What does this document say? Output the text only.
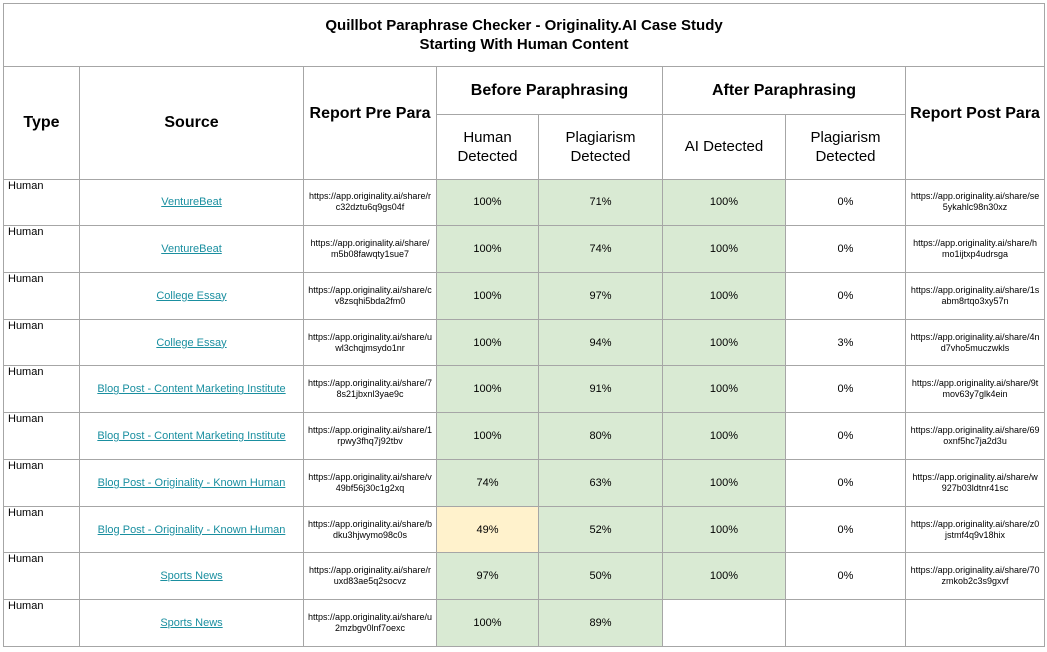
Quillbot Paraphrase Checker - Originality.AI Case Study
Starting With Human Content							

Type	Source	Report Pre Para	Before Paraphrasing		After Paraphrasing		Report Post Para
			Human Detected	Plagiarism Detected	AI Detected	Plagiarism Detected	
Human	VentureBeat	https://app.originality.ai/share/rc32dztu6q9gs04f	100%	71%	100%	0%	https://app.originality.ai/share/se5ykahlc98n30xz
Human	VentureBeat	https://app.originality.ai/share/m5b08fawqty1sue7	100%	74%	100%	0%	https://app.originality.ai/share/hmo1ijtxp4udrsga
Human	College Essay	https://app.originality.ai/share/cv8zsqhi5bda2fm0	100%	97%	100%	0%	https://app.originality.ai/share/1sabm8rtqo3xy57n
Human	College Essay	https://app.originality.ai/share/uwl3chqjmsydo1nr	100%	94%	100%	3%	https://app.originality.ai/share/4nd7vho5muczwkls
Human	Blog Post - Content Marketing Institute	https://app.originality.ai/share/78s21jbxnl3yae9c	100%	91%	100%	0%	https://app.originality.ai/share/9tmov63y7glk4ein
Human	Blog Post - Content Marketing Institute	https://app.originality.ai/share/1rpwy3fhq7j92tbv	100%	80%	100%	0%	https://app.originality.ai/share/69oxnf5hc7ja2d3u
Human	Blog Post - Originality - Known Human	https://app.originality.ai/share/v49bf56j30c1g2xq	74%	63%	100%	0%	https://app.originality.ai/share/w927b03ldtnr41sc
Human	Blog Post - Originality - Known Human	https://app.originality.ai/share/bdku3hjwymo98c0s	49%	52%	100%	0%	https://app.originality.ai/share/z0jstmf4q9v18hix
Human	Sports News	https://app.originality.ai/share/ruxd83ae5q2socvz	97%	50%	100%	0%	https://app.originality.ai/share/70zmkob2c3s9gxvf
Human	Sports News	https://app.originality.ai/share/u2mzbgv0lnf7oexc	100%	89%			
